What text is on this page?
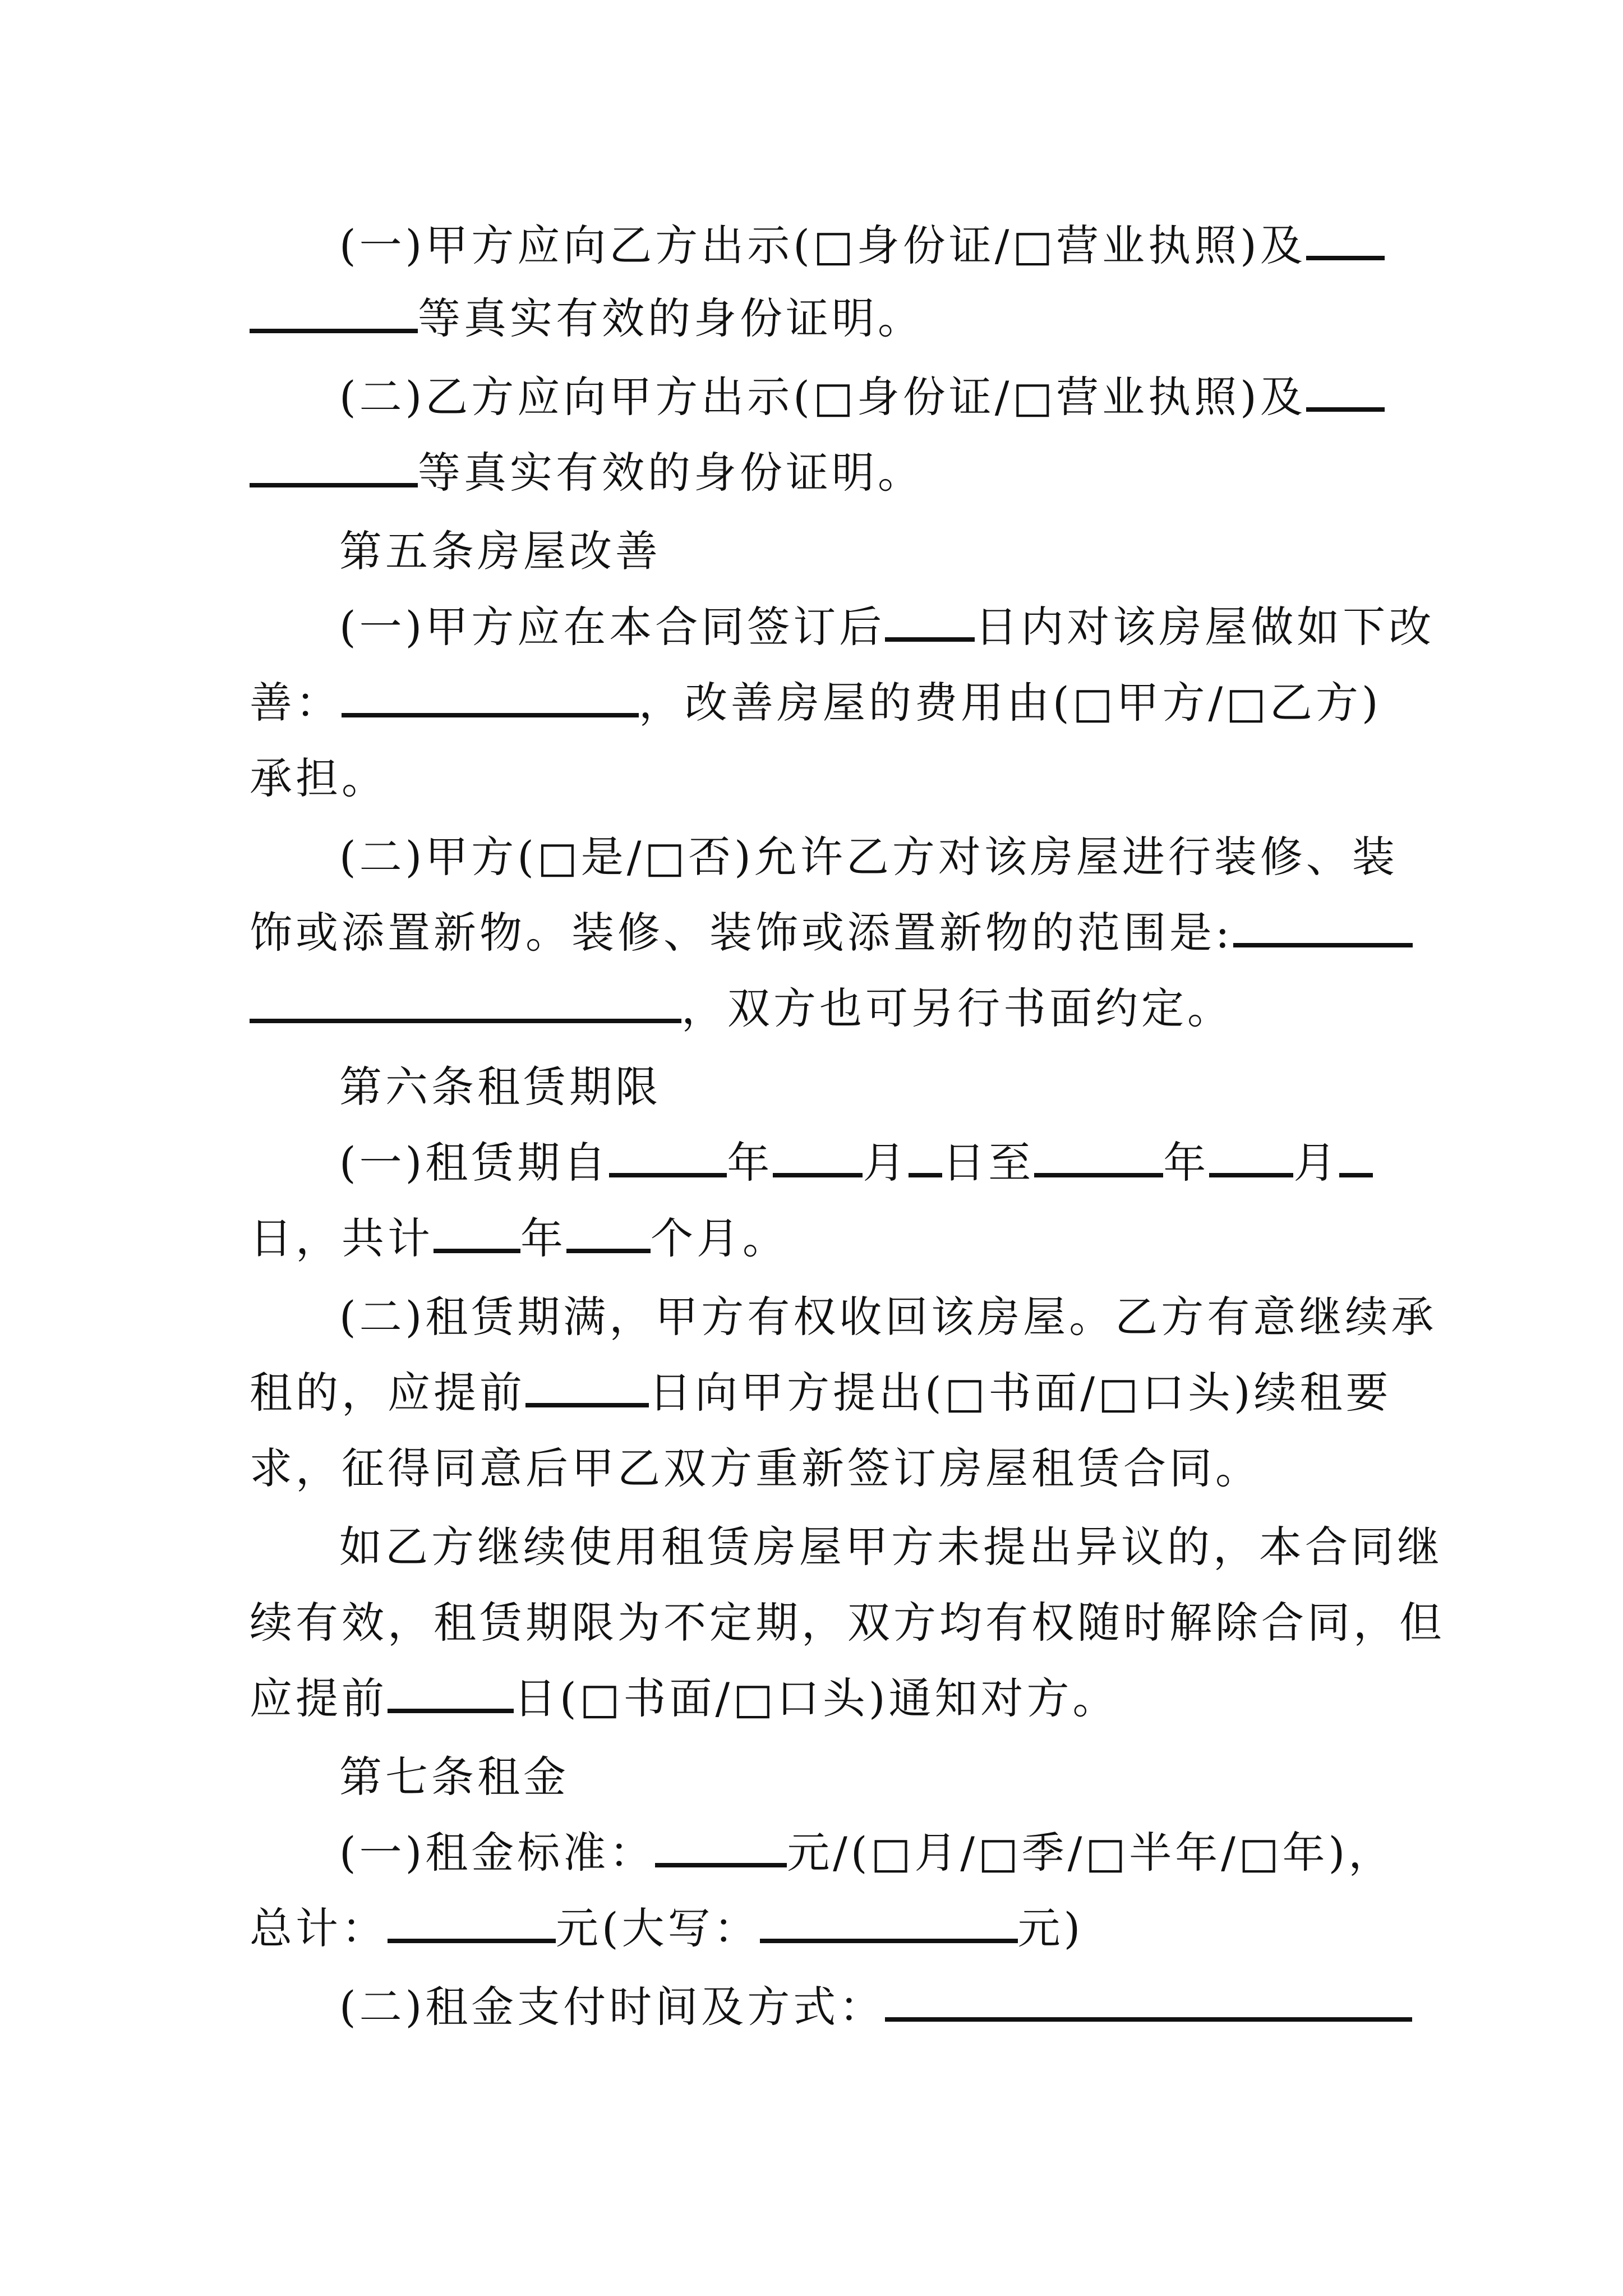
(一)甲方应向乙方出示(□身份证/□营业执照)及
等真实有效的身份证明。
(二)乙方应向甲方出示(□身份证/□营业执照)及
等真实有效的身份证明。
第五条房屋改善
(一)甲方应在本合同签订后 日内对该房屋做如下改
善：	，改善房屋的费用由(□甲方/□乙方)
承担。
(二)甲方(□是/□否)允许乙方对该房屋进行装修、装
饰或添置新物。装修、装饰或添置新物的范围是:
，双方也可另行书面约定。
第六条租赁期限
(一)租赁期自	年 月 日至	年 月
日，共计 年 个月。
(二)租赁期满，甲方有权收回该房屋。乙方有意继续承
租的，应提前	日向甲方提出(□书面/□口头)续租要
求，征得同意后甲乙双方重新签订房屋租赁合同。
如乙方继续使用租赁房屋甲方未提出异议的，本合同继
续有效，租赁期限为不定期，双方均有权随时解除合同，但
应提前	日(□书面/□口头)通知对方。
第七条租金
(一)租金标准：	元/(□月/□季/□半年/□年)，
总计：	元(大写：	元)
(二)租金支付时间及方式：
